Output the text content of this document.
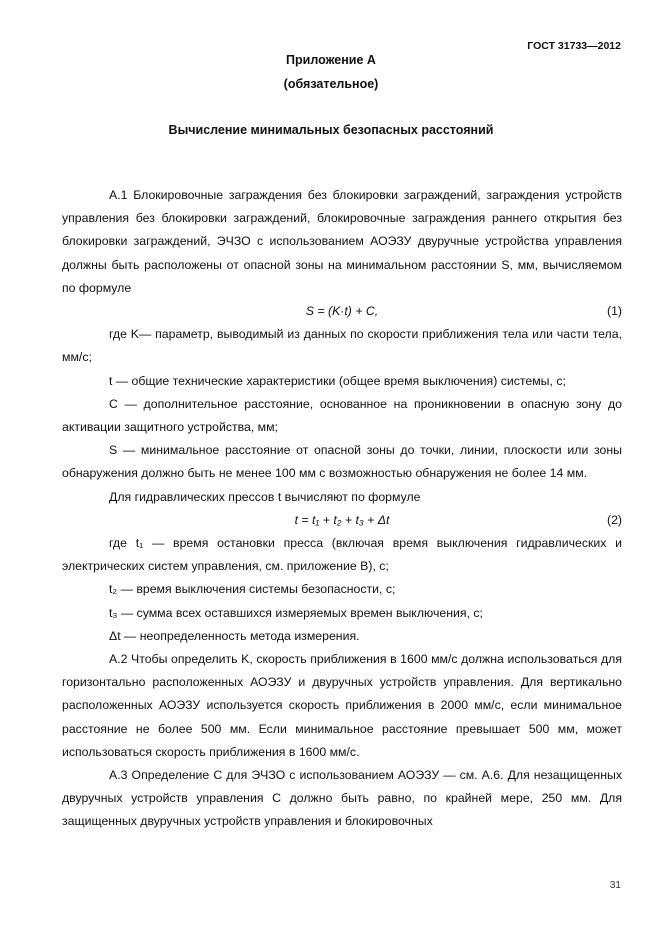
ГОСТ 31733—2012
Приложение А
(обязательное)
Вычисление минимальных безопасных расстояний

А.1 Блокировочные заграждения без блокировки заграждений, заграждения устройств управления без блокировки заграждений, блокировочные заграждения раннего открытия без блокировки заграждений, ЭЧЗО с использованием АОЭЗУ двуручные устройства управления должны быть расположены от опасной зоны на минимальном расстоянии S, мм, вычисляемом по формуле

S = (K·t) + C,	(1)

где K— параметр, выводимый из данных по скорости приближения тела или части тела, мм/с;

t — общие технические характеристики (общее время выключения) системы, с;

C — дополнительное расстояние, основанное на проникновении в опасную зону до активации защитного устройства, мм;

S — минимальное расстояние от опасной зоны до точки, линии, плоскости или зоны обнаружения должно быть не менее 100 мм с возможностью обнаружения не более 14 мм.

Для гидравлических прессов t вычисляют по формуле

t = t₁ + t₂ + t₃ + Δt	(2)

где t₁ — время остановки пресса (включая время выключения гидравлических и электрических систем управления, см. приложение В), с;

t₂ — время выключения системы безопасности, с;

t₃ — сумма всех оставшихся измеряемых времен выключения, с;

Δt — неопределенность метода измерения.

А.2 Чтобы определить K, скорость приближения в 1600 мм/с должна использоваться для горизонтально расположенных АОЭЗУ и двуручных устройств управления. Для вертикально расположенных АОЭЗУ используется скорость приближения в 2000 мм/с, если минимальное расстояние не более 500 мм. Если минимальное расстояние превышает 500 мм, может использоваться скорость приближения в 1600 мм/с.

А.3 Определение C для ЭЧЗО с использованием АОЭЗУ — см. А.6. Для незащищенных двуручных устройств управления C должно быть равно, по крайней мере, 250 мм. Для защищенных двуручных устройств управления и блокировочных

31
